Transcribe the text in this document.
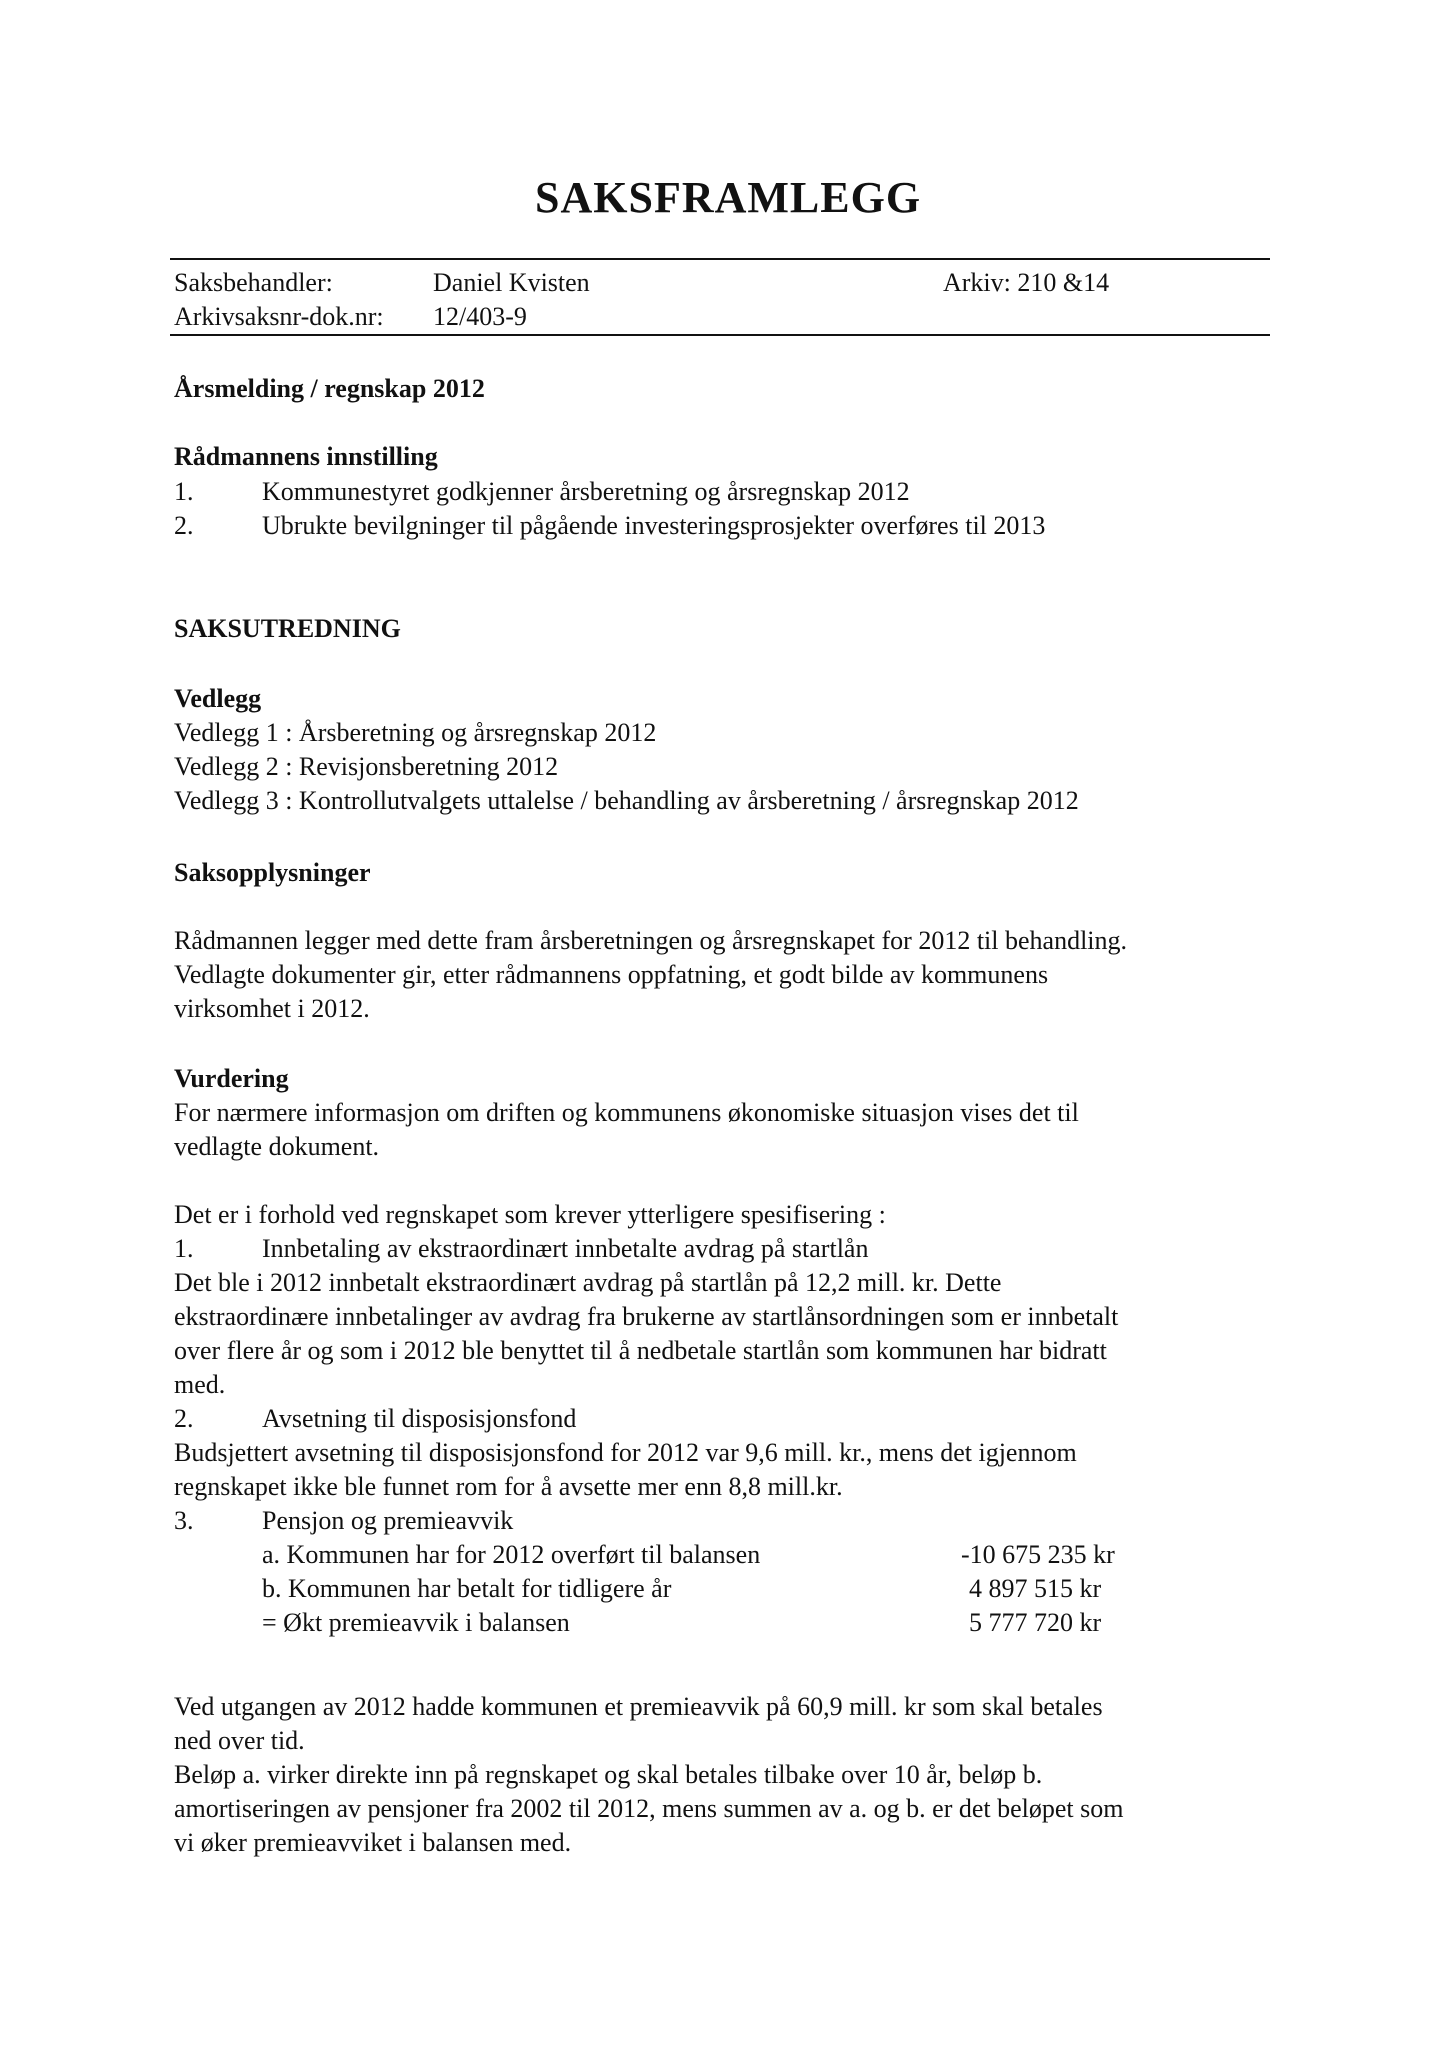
SAKSFRAMLEGG
Saksbehandler:	Daniel Kvisten	Arkiv: 210 &14
Arkivsaksnr-dok.nr: 12/403-9
Årsmelding / regnskap 2012
Rådmannens innstilling
1.	Kommunestyret godkjenner årsberetning og årsregnskap 2012
2.	Ubrukte bevilgninger til pågående investeringsprosjekter overføres til 2013
SAKSUTREDNING
Vedlegg
Vedlegg 1 : Årsberetning og årsregnskap 2012
Vedlegg 2 : Revisjonsberetning 2012
Vedlegg 3 : Kontrollutvalgets uttalelse / behandling av årsberetning / årsregnskap 2012
Saksopplysninger
Rådmannen legger med dette fram årsberetningen og årsregnskapet for 2012 til behandling.
Vedlagte dokumenter gir, etter rådmannens oppfatning, et godt bilde av kommunens
virksomhet i 2012.
Vurdering
For nærmere informasjon om driften og kommunens økonomiske situasjon vises det til
vedlagte dokument.
Det er i forhold ved regnskapet som krever ytterligere spesifisering :
1.	Innbetaling av ekstraordinært innbetalte avdrag på startlån
Det ble i 2012 innbetalt ekstraordinært avdrag på startlån på 12,2 mill. kr. Dette
ekstraordinære innbetalinger av avdrag fra brukerne av startlånsordningen som er innbetalt
over flere år og som i 2012 ble benyttet til å nedbetale startlån som kommunen har bidratt
med.
2.	Avsetning til disposisjonsfond
Budsjettert avsetning til disposisjonsfond for 2012 var 9,6 mill. kr., mens det igjennom
regnskapet ikke ble funnet rom for å avsette mer enn 8,8 mill.kr.
3.	Pensjon og premieavvik
a. Kommunen har for 2012 overført til balansen	-10 675 235 kr
b. Kommunen har betalt for tidligere år	4 897 515 kr
= Økt premieavvik i balansen	5 777 720 kr
Ved utgangen av 2012 hadde kommunen et premieavvik på 60,9 mill. kr som skal betales
ned over tid.
Beløp a. virker direkte inn på regnskapet og skal betales tilbake over 10 år, beløp b.
amortiseringen av pensjoner fra 2002 til 2012, mens summen av a. og b. er det beløpet som
vi øker premieavviket i balansen med.
